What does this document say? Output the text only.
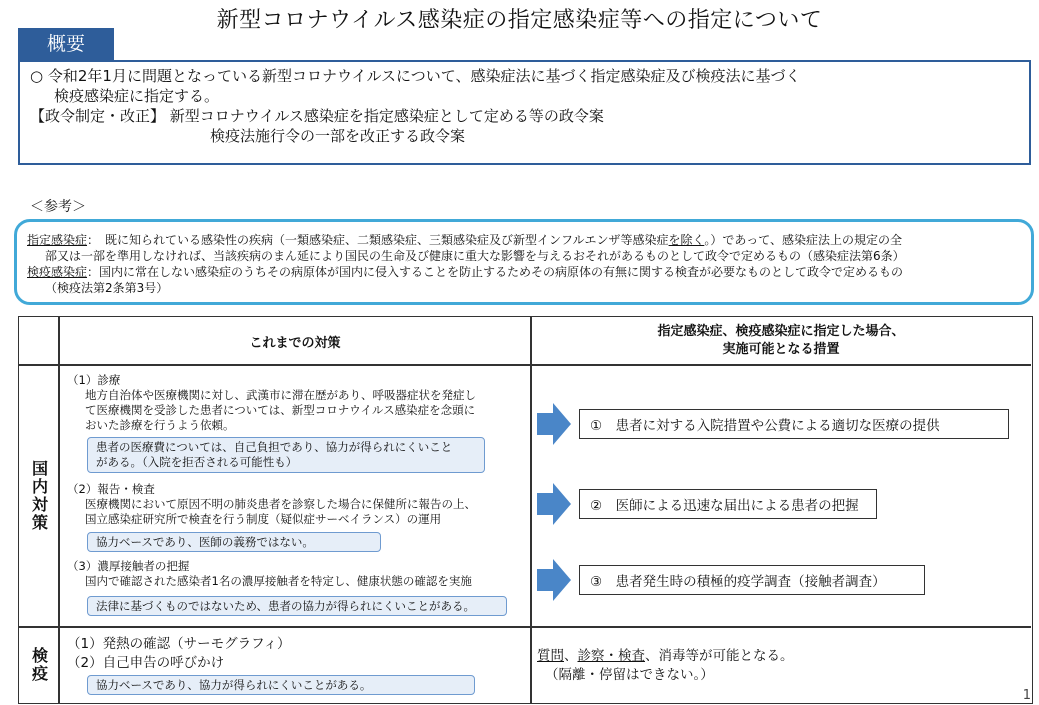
新型コロナウイルス感染症の指定感染症等への指定について
概要
○ 令和2年1月に問題となっている新型コロナウイルスについて、感染症法に基づく指定感染症及び検疫法に基づく
検疫感染症に指定する。
【政令制定・改正】 新型コロナウイルス感染症を指定感染症として定める等の政令案
検疫法施行令の一部を改正する政令案
＜参考＞
指定感染症：　既に知られている感染性の疾病（一類感染症、二類感染症、三類感染症及び新型インフルエンザ等感染症を除く。）であって、感染症法上の規定の全
部又は一部を準用しなければ、当該疾病のまん延により国民の生命及び健康に重大な影響を与えるおそれがあるものとして政令で定めるもの（感染症法第6条）
検疫感染症：国内に常在しない感染症のうちその病原体が国内に侵入することを防止するためその病原体の有無に関する検査が必要なものとして政令で定めるもの
（検疫法第2条第3号）
これまでの対策
指定感染症、検疫感染症に指定した場合、
実施可能となる措置
国内対策
検疫
（1）診療
地方自治体や医療機関に対し、武漢市に滞在歴があり、呼吸器症状を発症し
て医療機関を受診した患者については、新型コロナウイルス感染症を念頭に
おいた診療を行うよう依頼。
患者の医療費については、自己負担であり、協力が得られにくいこと
がある。（入院を拒否される可能性も）
（2）報告・検査
医療機関において原因不明の肺炎患者を診察した場合に保健所に報告の上、
国立感染症研究所で検査を行う制度（疑似症サーベイランス）の運用
協力ベースであり、医師の義務ではない。
（3）濃厚接触者の把握
国内で確認された感染者1名の濃厚接触者を特定し、健康状態の確認を実施
法律に基づくものではないため、患者の協力が得られにくいことがある。
①　患者に対する入院措置や公費による適切な医療の提供
②　医師による迅速な届出による患者の把握
③　患者発生時の積極的疫学調査（接触者調査）
（1）発熱の確認（サーモグラフィ）
（2）自己申告の呼びかけ
協力ベースであり、協力が得られにくいことがある。
質問、診察・検査、消毒等が可能となる。
（隔離・停留はできない。）
1
